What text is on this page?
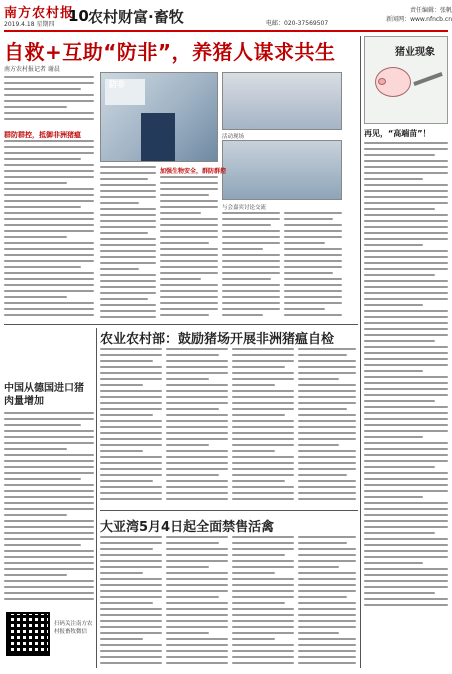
南方农村报
2019.4.18 星期四 10 农村财富·畜牧	电邮：020-37569507
责任编辑：张帆
新闻网：www.nfncb.cn
自救+互助“防非”，养猪人谋求共生
南方农村报记者 谢晨
群防群控，抵御非洲猪瘟
防非
活动现场
与会嘉宾讨论交流
加强生物安全，群防群控
猪业现象
再见，“高端苗”！
农业农村部：鼓励猪场开展非洲猪瘟自检
中国从德国进口猪肉量增加
大亚湾5月4日起全面禁售活禽
扫码关注南方农村报畜牧微信
